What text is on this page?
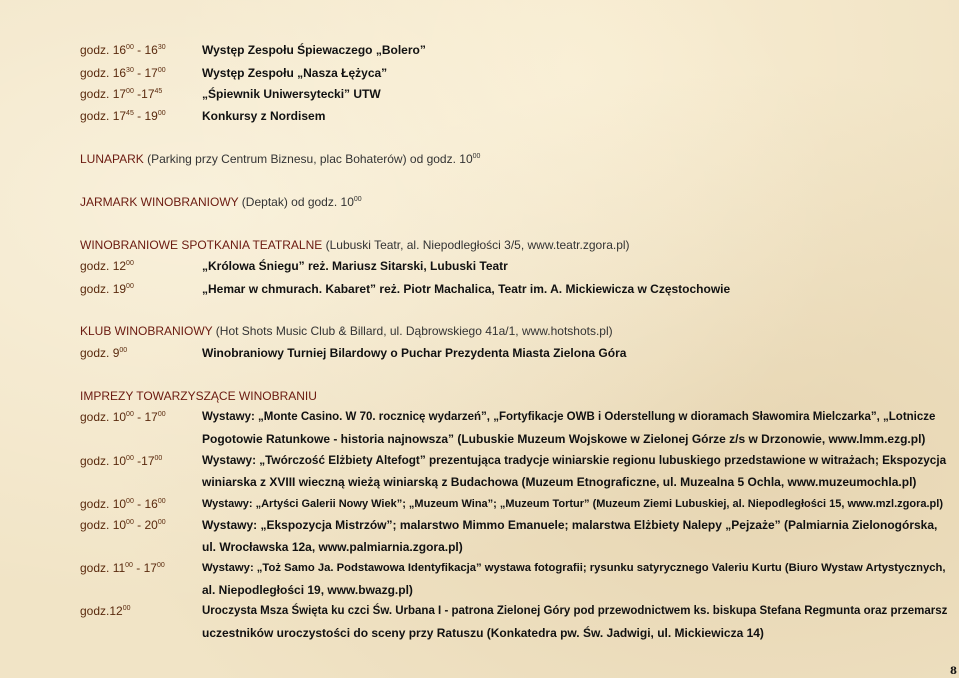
godz. $16^{00} - 16^{30}$	Występ Zespołu Śpiewaczego „Bolero”
godz. $16^{30} - 17^{00}$	Występ Zespołu „Nasza Łężyca”
godz. $17^{00}$ $-17^{45}$	„Śpiewnik Uniwersytecki” UTW
godz. $17^{45} - 19^{00}$	Konkursy z Nordisem
LUNAPARK (Parking przy Centrum Biznesu, plac Bohaterów) od godz. $10^{00}$
JARMARK WINOBRANIOWY (Deptak) od godz. $10^{00}$
WINOBRANIOWE SPOTKANIA TEATRALNE (Lubuski Teatr, al. Niepodległości 3/5, www.teatr.zgora.pl)
godz. $12^{00}$	„Królowa Śniegu” reż. Mariusz Sitarski, Lubuski Teatr
godz. $19^{00}$	„Hemar w chmurach. Kabaret” reż. Piotr Machalica, Teatr im. A. Mickiewicza w Częstochowie
KLUB WINOBRANIOWY (Hot Shots Music Club & Billard, ul. Dąbrowskiego 41a/1, www.hotshots.pl)
godz. $9^{00}$	Winobraniowy Turniej Bilardowy o Puchar Prezydenta Miasta Zielona Góra
IMPREZY TOWARZYSZĄCE WINOBRANIU
godz. $10^{00} - 17^{00}$	Wystawy: „Monte Casino. W 70. rocznicę wydarzeń”, „Fortyfikacje OWB i Oderstellung w dioramach Sławomira Mielczarka”, „Lotnicze
Pogotowie Ratunkowe - historia najnowsza” (Lubuskie Muzeum Wojskowe w Zielonej Górze z/s w Drzonowie, www.lmm.ezg.pl)
godz. $10^{00}$ $-17^{00}$	Wystawy: „Twórczość Elżbiety Altefogt” prezentująca tradycje winiarskie regionu lubuskiego przedstawione w witrażach; Ekspozycja
winiarska z XVIII wieczną wieżą winiarską z Budachowa (Muzeum Etnograficzne, ul. Muzealna 5 Ochla, www.muzeumochla.pl)
godz. $10^{00} - 16^{00}$	Wystawy: „Artyści Galerii Nowy Wiek”; „Muzeum Wina”; „Muzeum Tortur” (Muzeum Ziemi Lubuskiej, al. Niepodległości 15, www.mzl.zgora.pl)
godz. $10^{00} - 20^{00}$	Wystawy: „Ekspozycja Mistrzów”; malarstwo Mimmo Emanuele; malarstwa Elżbiety Nalepy „Pejzaże” (Palmiarnia Zielonogórska,
ul. Wrocławska 12a, www.palmiarnia.zgora.pl)
godz. $11^{00} - 17^{00}$	Wystawy: „Toż Samo Ja. Podstawowa Identyfikacja” wystawa fotografii; rysunku satyrycznego Valeriu Kurtu (Biuro Wystaw Artystycznych,
al. Niepodległości 19, www.bwazg.pl)
$godz.12^{00}$	Uroczysta Msza Święta ku czci Św. Urbana I - patrona Zielonej Góry pod przewodnictwem ks. biskupa Stefana Regmunta oraz przemarsz
uczestników uroczystości do sceny przy Ratuszu (Konkatedra pw. Św. Jadwigi, ul. Mickiewicza 14)
8
